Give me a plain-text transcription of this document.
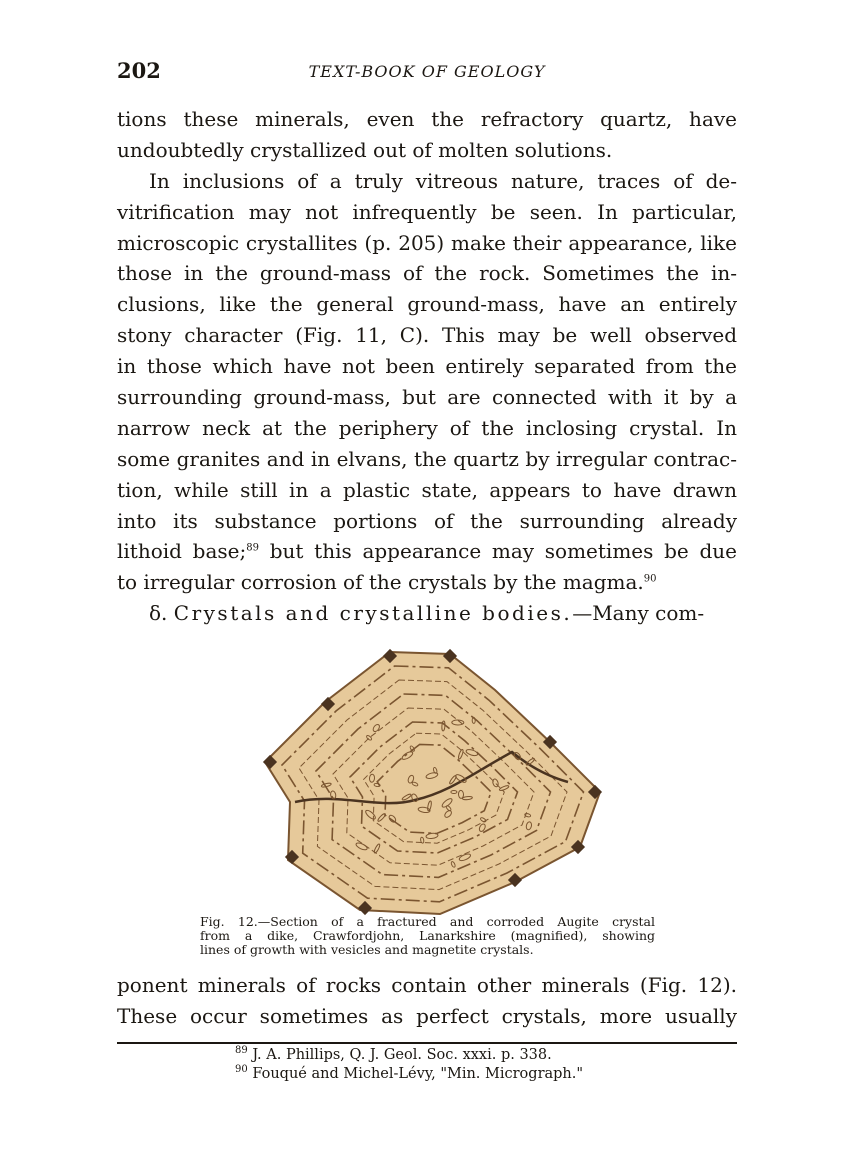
202	TEXT-BOOK OF GEOLOGY
tions these minerals, even the refractory quartz, have
undoubtedly crystallized out of molten solutions.
In inclusions of a truly vitreous nature, traces of de-
vitrification may not infrequently be seen. In particular,
microscopic crystallites (p. 205) make their appearance, like
those in the ground-mass of the rock. Sometimes the in-
clusions, like the general ground-mass, have an entirely
stony character (Fig. 11, C). This may be well observed
in those which have not been entirely separated from the
surrounding ground-mass, but are connected with it by a
narrow neck at the periphery of the inclosing crystal. In
some granites and in elvans, the quartz by irregular contrac-
tion, while still in a plastic state, appears to have drawn
into its substance portions of the surrounding already
lithoid base;$^{89}$ but this appearance may sometimes be due
to irregular corrosion of the crystals by the magma.$^{90}$
δ. Crystals and crystalline bodies.—Many com-
Fig. 12.—Section of a fractured and corroded Augite crystal
from a dike, Crawfordjohn, Lanarkshire (magnified), showing
lines of growth with vesicles and magnetite crystals.
ponent minerals of rocks contain other minerals (Fig. 12).
These occur sometimes as perfect crystals, more usually
$^{89}$ J. A. Phillips, Q. J. Geol. Soc. xxxi. p. 338.
$^{90}$ Fouqué and Michel-Lévy, "Min. Micrograph."
